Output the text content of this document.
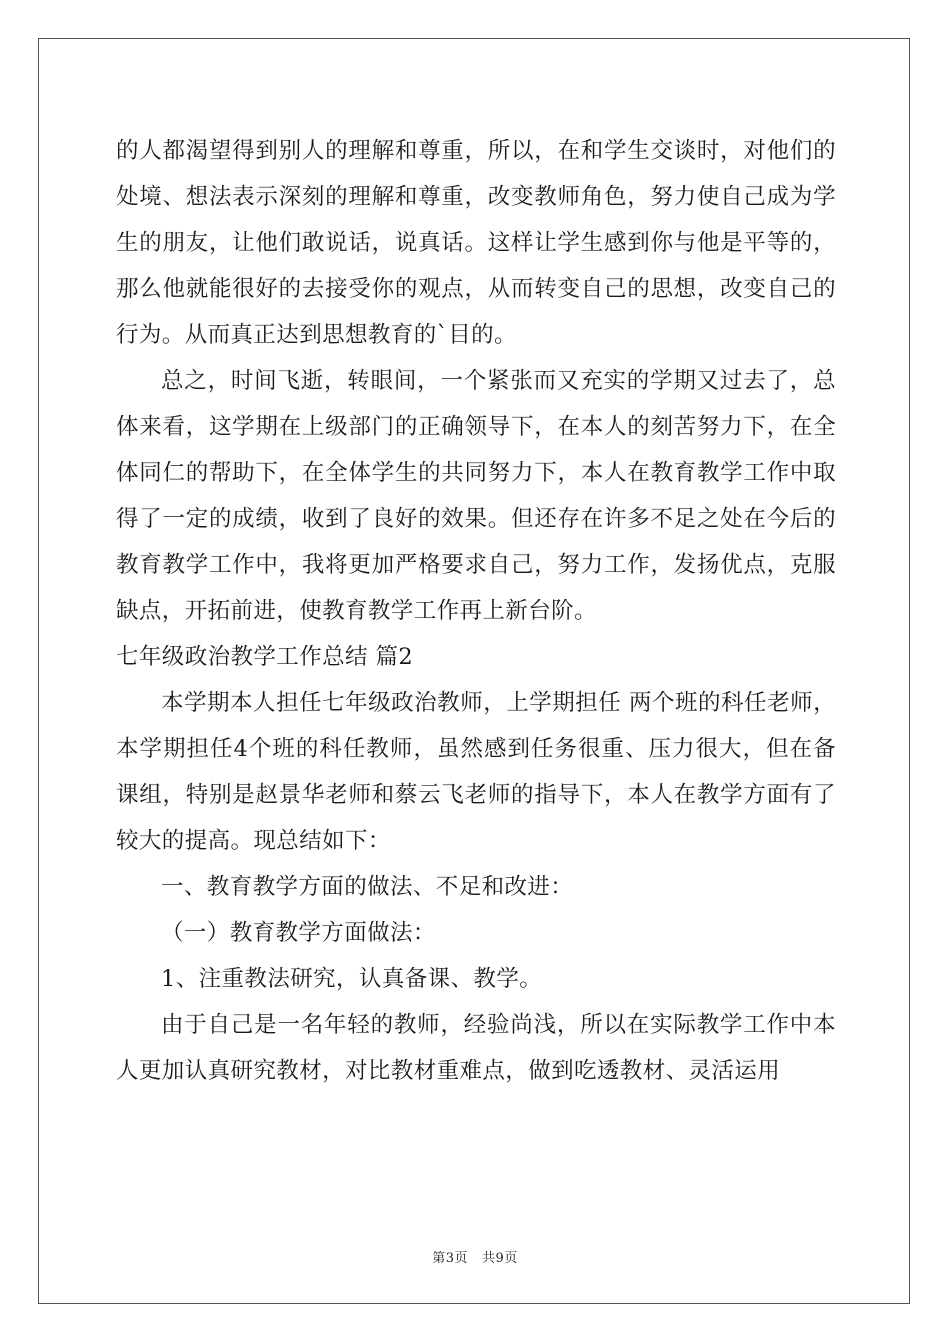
的人都渴望得到别人的理解和尊重，所以，在和学生交谈时，对他们的处境、想法表示深刻的理解和尊重，改变教师角色，努力使自己成为学生的朋友，让他们敢说话，说真话。这样让学生感到你与他是平等的，那么他就能很好的去接受你的观点，从而转变自己的思想，改变自己的行为。从而真正达到思想教育的`目的。

总之，时间飞逝，转眼间，一个紧张而又充实的学期又过去了，总体来看，这学期在上级部门的正确领导下，在本人的刻苦努力下，在全体同仁的帮助下，在全体学生的共同努力下，本人在教育教学工作中取得了一定的成绩，收到了良好的效果。但还存在许多不足之处在今后的教育教学工作中，我将更加严格要求自己，努力工作，发扬优点，克服缺点，开拓前进，使教育教学工作再上新台阶。

七年级政治教学工作总结 篇2

本学期本人担任七年级政治教师，上学期担任 两个班的科任老师，本学期担任4个班的科任教师，虽然感到任务很重、压力很大，但在备课组，特别是赵景华老师和蔡云飞老师的指导下，本人在教学方面有了较大的提高。现总结如下：

一、教育教学方面的做法、不足和改进：

（一）教育教学方面做法：

1、注重教法研究，认真备课、教学。

由于自己是一名年轻的教师，经验尚浅，所以在实际教学工作中本人更加认真研究教材，对比教材重难点，做到吃透教材、灵活运用

第3页 共9页
